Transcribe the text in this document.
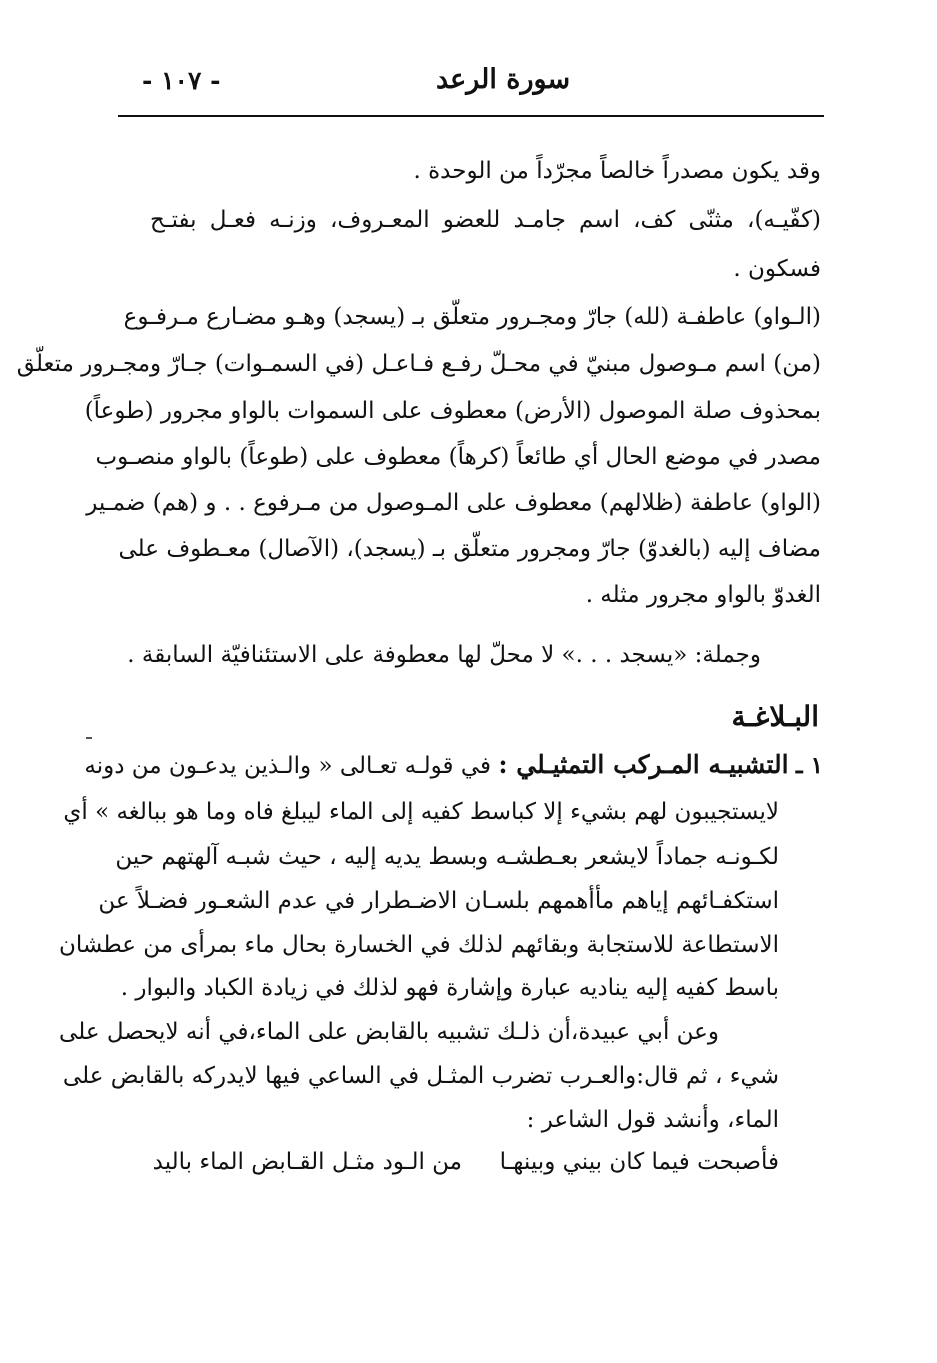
- ١٠٧ -	سورة الرعد
وقد يكون مصدراً خالصاً مجرّداً من الوحدة .
(كفّيـه)، مثنّى كف، اسم جامـد للعضو المعـروف، وزنـه فعـل بفتـح
فسكون .
(الـواو) عاطفـة (لله) جارّ ومجـرور متعلّق بـ (يسجد) وهـو مضـارع مـرفـوع
(من) اسم مـوصول مبنيّ في محـلّ رفـع فـاعـل (في السمـوات) جـارّ ومجـرور متعلّق
بمحذوف صلة الموصول (الأرض) معطوف على السموات بالواو مجرور (طوعاً)
مصدر في موضع الحال أي طائعاً (كرهاً) معطوف على (طوعاً) بالواو منصـوب
(الواو) عاطفة (ظلالهم) معطوف على المـوصول من مـرفوع . . و (هم) ضمـير
مضاف إليه (بالغدوّ) جارّ ومجرور متعلّق بـ (يسجد)، (الآصال) معـطوف على
الغدوّ بالواو مجرور مثله .
وجملة: «يسجد . . .» لا محلّ لها معطوفة على الاستئنافيّة السابقة .
البـلاغـة
١ ـ التشبيـه المـركب التمثيـلي : في قولـه تعـالى « والـذين يدعـون من دونه
لايستجيبون لهم بشيء إلا كباسط كفيه إلى الماء ليبلغ فاه وما هو ببالغه » أي
لكـونـه جماداً لايشعر بعـطشـه وبسط يديه إليه ، حيث شبـه آلهتهم حين
استكفـائهم إياهم مأأهمهم بلسـان الاضـطرار في عدم الشعـور فضـلاً عن
الاستطاعة للاستجابة وبقائهم لذلك في الخسارة بحال ماء بمرأى من عطشان
باسط كفيه إليه يناديه عبارة وإشارة فهو لذلك في زيادة الكباد والبوار .
وعن أبي عبيدة،أن ذلـك تشبيه بالقابض على الماء،في أنه لايحصل على
شيء ، ثم قال:والعـرب تضرب المثـل في الساعي فيها لايدركه بالقابض على
الماء، وأنشد قول الشاعر :
فأصبحت فيما كان بيني وبينهـا
من الـود مثـل القـابض الماء باليد
